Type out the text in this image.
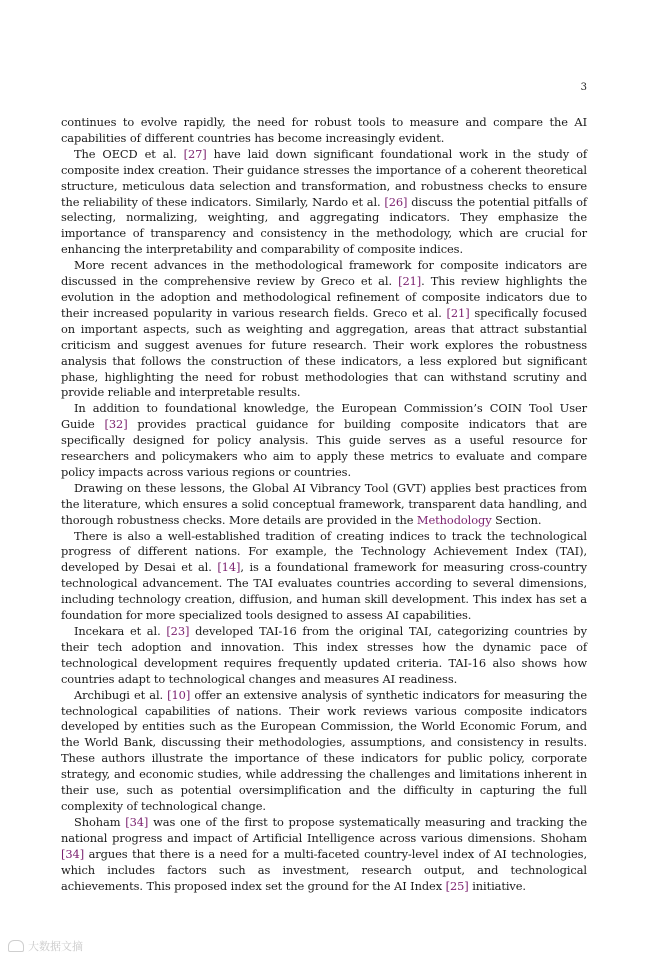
3

continues to evolve rapidly, the need for robust tools to measure and compare the AI capabilities of different countries has become increasingly evident.

The OECD et al. [27] have laid down significant foundational work in the study of composite index creation. Their guidance stresses the importance of a coherent theoretical structure, meticulous data selection and transformation, and robustness checks to ensure the reliability of these indicators. Similarly, Nardo et al. [26] discuss the potential pitfalls of selecting, normalizing, weighting, and aggregating indicators. They emphasize the importance of transparency and consistency in the methodology, which are crucial for enhancing the interpretability and comparability of composite indices.

More recent advances in the methodological framework for composite indicators are discussed in the comprehensive review by Greco et al. [21]. This review highlights the evolution in the adoption and methodological refinement of composite indicators due to their increased popularity in various research fields. Greco et al. [21] specifically focused on important aspects, such as weighting and aggregation, areas that attract substantial criticism and suggest avenues for future research. Their work explores the robustness analysis that follows the construction of these indicators, a less explored but significant phase, highlighting the need for robust methodologies that can withstand scrutiny and provide reliable and interpretable results.

In addition to foundational knowledge, the European Commission’s COIN Tool User Guide [32] provides practical guidance for building composite indicators that are specifically designed for policy analysis. This guide serves as a useful resource for researchers and policymakers who aim to apply these metrics to evaluate and compare policy impacts across various regions or countries.

Drawing on these lessons, the Global AI Vibrancy Tool (GVT) applies best practices from the literature, which ensures a solid conceptual framework, transparent data handling, and thorough robustness checks. More details are provided in the Methodology Section.

There is also a well-established tradition of creating indices to track the technological progress of different nations. For example, the Technology Achievement Index (TAI), developed by Desai et al. [14], is a foundational framework for measuring cross-country technological advancement. The TAI evaluates countries according to several dimensions, including technology creation, diffusion, and human skill development. This index has set a foundation for more specialized tools designed to assess AI capabilities.

Incekara et al. [23] developed TAI-16 from the original TAI, categorizing countries by their tech adoption and innovation. This index stresses how the dynamic pace of technological development requires frequently updated criteria. TAI-16 also shows how countries adapt to technological changes and measures AI readiness.

Archibugi et al. [10] offer an extensive analysis of synthetic indicators for measuring the technological capabilities of nations. Their work reviews various composite indicators developed by entities such as the European Commission, the World Economic Forum, and the World Bank, discussing their methodologies, assumptions, and consistency in results. These authors illustrate the importance of these indicators for public policy, corporate strategy, and economic studies, while addressing the challenges and limitations inherent in their use, such as potential oversimplification and the difficulty in capturing the full complexity of technological change.

Shoham [34] was one of the first to propose systematically measuring and tracking the national progress and impact of Artificial Intelligence across various dimensions. Shoham [34] argues that there is a need for a multi-faceted country-level index of AI technologies, which includes factors such as investment, research output, and technological achievements. This proposed index set the ground for the AI Index [25] initiative.

大数据文摘
